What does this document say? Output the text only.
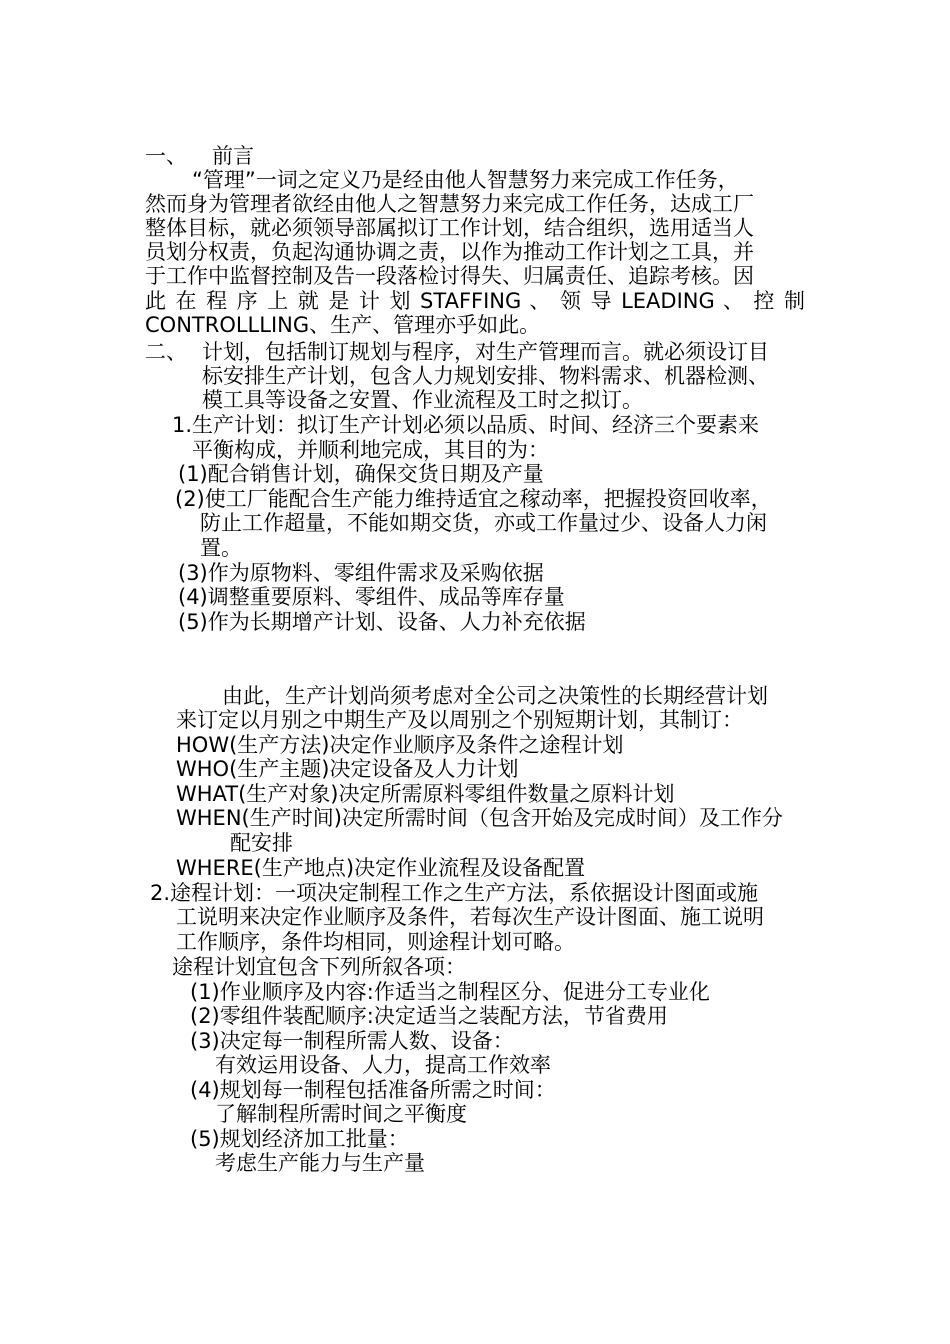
一、 前言
“管理”一词之定义乃是经由他人智慧努力来完成工作任务，
然而身为管理者欲经由他人之智慧努力来完成工作任务，达成工厂
整体目标，就必须领导部属拟订工作计划，结合组织，选用适当人
员划分权责，负起沟通协调之责，以作为推动工作计划之工具，并
于工作中监督控制及告一段落检讨得失、归属责任、追踪考核。因
此 在 程 序 上 就 是 计 划 STAFFING 、 领 导 LEADING 、 控 制
CONTROLLLING、生产、管理亦乎如此。
二、 计划，包括制订规划与程序，对生产管理而言。就必须设订目
标安排生产计划，包含人力规划安排、物料需求、机器检测、
模工具等设备之安置、作业流程及工时之拟订。
1.生产计划：拟订生产计划必须以品质、时间、经济三个要素来
平衡构成，并顺利地完成，其目的为：
(1)配合销售计划，确保交货日期及产量
(2)使工厂能配合生产能力维持适宜之稼动率，把握投资回收率，
防止工作超量，不能如期交货，亦或工作量过少、设备人力闲
置。
(3)作为原物料、零组件需求及采购依据
(4)调整重要原料、零组件、成品等库存量
(5)作为长期增产计划、设备、人力补充依据
由此，生产计划尚须考虑对全公司之决策性的长期经营计划
来订定以月别之中期生产及以周别之个别短期计划，其制订：
HOW(生产方法)决定作业顺序及条件之途程计划
WHO(生产主题)决定设备及人力计划
WHAT(生产对象)决定所需原料零组件数量之原料计划
WHEN(生产时间)决定所需时间（包含开始及完成时间）及工作分
配安排
WHERE(生产地点)决定作业流程及设备配置
2.途程计划：一项决定制程工作之生产方法，系依据设计图面或施
工说明来决定作业顺序及条件，若每次生产设计图面、施工说明
工作顺序，条件均相同，则途程计划可略。
途程计划宜包含下列所叙各项：
(1)作业顺序及内容:作适当之制程区分、促进分工专业化
(2)零组件装配顺序:决定适当之装配方法，节省费用
(3)决定每一制程所需人数、设备：
有效运用设备、人力，提高工作效率
(4)规划每一制程包括准备所需之时间：
了解制程所需时间之平衡度
(5)规划经济加工批量：
考虑生产能力与生产量
